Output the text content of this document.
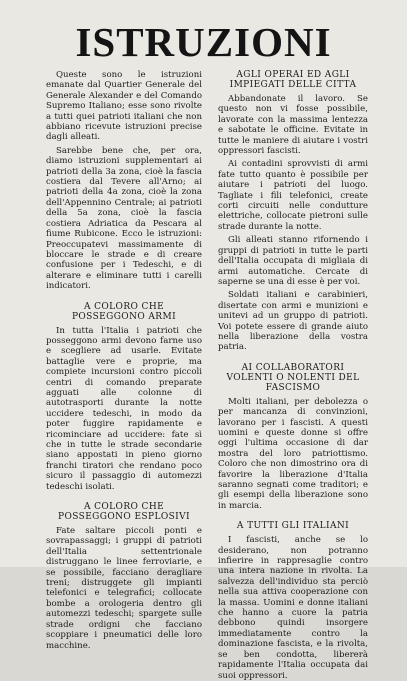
ISTRUZIONI

Queste sono le istruzioni emanate dal Quartier Generale del Generale Alexander e del Comando Supremo Italiano; esse sono rivolte a tutti quei patrioti italiani che non abbiano ricevute istruzioni precise dagli alleati.

Sarebbe bene che, per ora, diamo istruzioni supplementari ai patrioti della 3a zona, cioè la fascia costiera dal Tevere all'Arno; ai patrioti della 4a zona, cioè la zona dell'Appennino Centrale; ai patrioti della 5a zona, cioè la fascia costiera Adriatica da Pescara al fiume Rubicone. Ecco le istruzioni: Preoccupatevi massimamente di bloccare le strade e di creare confusione per i Tedeschi, e di alterare e eliminare tutti i carelli indicatori.

A COLORO CHE POSSEGGONO ARMI

In tutta l'Italia i patrioti che posseggono armi devono farne uso e scegliere ad usarle. Evitate battaglie vere e proprie, ma compiete incursioni contro piccoli centri di comando preparate agguati alle colonne di autotrasporti durante la notte uccidere tedeschi, in modo da poter fuggire rapidamente e ricominciare ad uccidere: fate sì che in tutte le strade secondarie siano appostati in pieno giorno franchi tiratori che rendano poco sicuro il passaggio di automezzi tedeschi isolati.

A COLORO CHE POSSEGGONO ESPLOSIVI

Fate saltare piccoli ponti e sovrapassaggi; i gruppi di patrioti dell'Italia settentrionale distruggano le linee ferroviarie, e se possibile, facciano deragliare treni; distruggete gli impianti telefonici e telegrafici; collocate bombe a orologeria dentro gli automezzi tedeschi; spargete sulle strade ordigni che facciano scoppiare i pneumatici delle loro macchine.

AGLI OPERAI ED AGLI IMPIEGATI DELLE CITTA

Abbandonate il lavoro. Se questo non vi fosse possibile, lavorate con la massima lentezza e sabotate le officine. Evitate in tutte le maniere di aiutare i vostri oppressori fascisti.

Ai contadini sprovvisti di armi fate tutto quanto è possibile per aiutare i patrioti del luogo. Tagliate i fili telefonici, create corti circuiti nelle condutture elettriche, collocate pietroni sulle strade durante la notte.

Gli alleati stanno rifornendo i gruppi di patrioti in tutte le parti dell'Italia occupata di migliaia di armi automatiche. Cercate di saperne se una di esse è per voi.

Soldati italiani e carabinieri, disertate con armi e munizioni e unitevi ad un gruppo di patrioti. Voi potete essere di grande aiuto nella liberazione della vostra patria.

AI COLLABORATORI VOLENTI O NOLENTI DEL FASCISMO

Molti italiani, per debolezza o per mancanza di convinzioni, lavorano per i fascisti. A questi uomini e queste donne si offre oggi l'ultima occasione di dar mostra del loro patriottismo. Coloro che non dimostrino ora di favorire la liberazione d'Italia saranno segnati come traditori; e gli esempi della liberazione sono in marcia.

A TUTTI GLI ITALIANI

I fascisti, anche se lo desiderano, non potranno infierire in rappresaglie contro una intera nazione in rivolta. La salvezza dell'individuo sta perciò nella sua attiva cooperazione con la massa. Uomini e donne italiani che hanno a cuore la patria debbono quindi insorgere immediatamente contro la dominazione fascista, e la rivolta, se ben condotta, libererà rapidamente l'Italia occupata dai suoi oppressori.
